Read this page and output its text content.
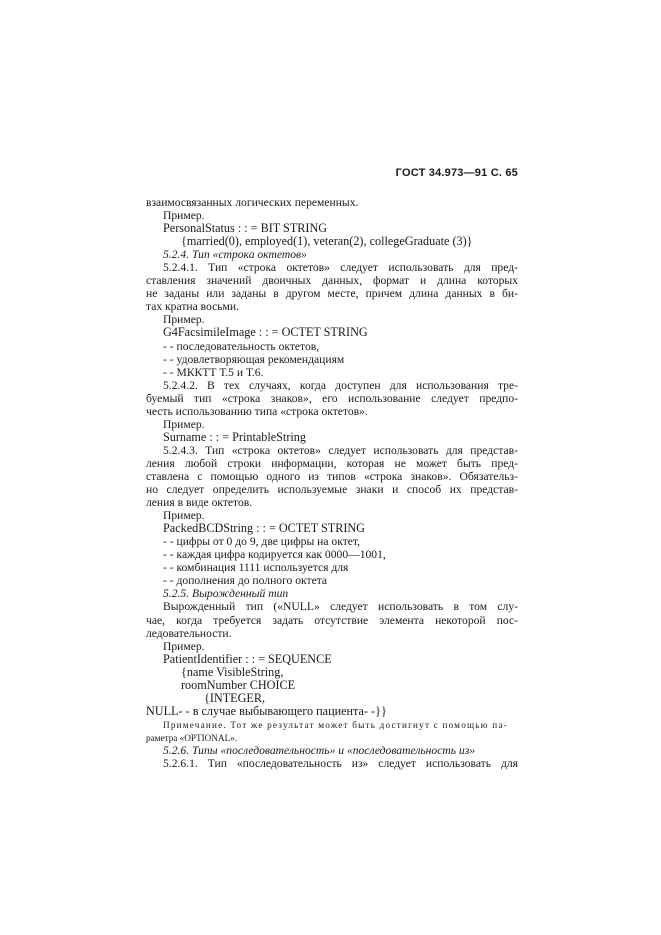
ГОСТ 34.973—91 С. 65
взаимосвязанных логических переменных.
Пример.
PersonalStatus : : = BIT STRING
{married(0), employed(1), veteran(2), collegeGraduate (3)}
5.2.4. Тип «строка октетов»
5.2.4.1. Тип «строка октетов» следует использовать для пред-
ставления значений двоичных данных, формат и длина которых
не заданы или заданы в другом месте, причем длина данных в би-
тах кратна восьми.
Пример.
G4FacsimileImage : : = OCTET STRING
- - последовательность октетов,
- - удовлетворяющая рекомендациям
- - МККТТ Т.5 и Т.6.
5.2.4.2. В тех случаях, когда доступен для использования тре-
буемый тип «строка знаков», его использование следует предпо-
честь использованию типа «строка октетов».
Пример.
Surname : : = PrintableString
5.2.4.3. Тип «строка октетов» следует использовать для представ-
ления любой строки информации, которая не может быть пред-
ставлена с помощью одного из типов «строка знаков». Обязательз-
но следует определить используемые знаки и способ их представ-
ления в виде октетов.
Пример.
PackedBCDString : : = OCTET STRING
- - цифры от 0 до 9, две цифры на октет,
- - каждая цифра кодируется как 0000—1001,
- - комбинация 1111 используется для
- - дополнения до полного октета
5.2.5. Вырожденный тип
Вырожденный тип («NULL» следует использовать в том слу-
чае, когда требуется задать отсутствие элемента некоторой пос-
ледовательности.
Пример.
PatientIdentifier : : = SEQUENCE
{name VisibleString,
roomNumber CHOICE
{INTEGER,
NULL- - в случае выбывающего пациента- -}}
Примечание. Тот же результат может быть достигнут с помощью па-
раметра «OPTIONAL».
5.2.6. Типы «последовательность» и «последовательность из»
5.2.6.1. Тип «последовательность из» следует использовать для
